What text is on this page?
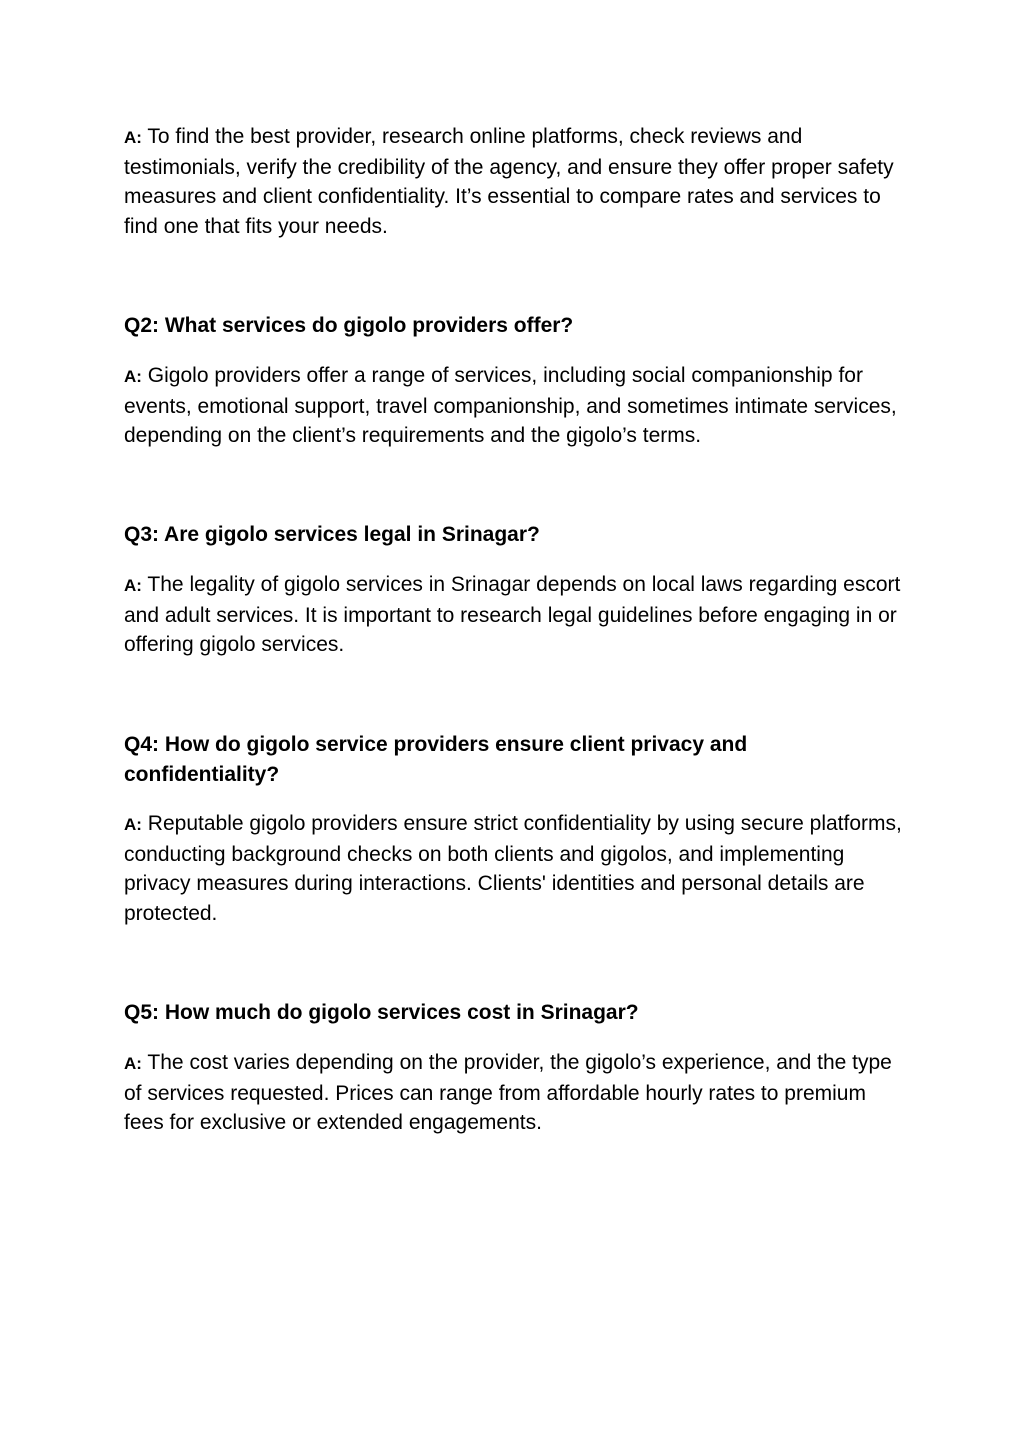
A: To find the best provider, research online platforms, check reviews and testimonials, verify the credibility of the agency, and ensure they offer proper safety measures and client confidentiality. It’s essential to compare rates and services to find one that fits your needs.

Q2: What services do gigolo providers offer?

A: Gigolo providers offer a range of services, including social companionship for events, emotional support, travel companionship, and sometimes intimate services, depending on the client’s requirements and the gigolo’s terms.

Q3: Are gigolo services legal in Srinagar?

A: The legality of gigolo services in Srinagar depends on local laws regarding escort and adult services. It is important to research legal guidelines before engaging in or offering gigolo services.

Q4: How do gigolo service providers ensure client privacy and confidentiality?

A: Reputable gigolo providers ensure strict confidentiality by using secure platforms, conducting background checks on both clients and gigolos, and implementing privacy measures during interactions. Clients' identities and personal details are protected.

Q5: How much do gigolo services cost in Srinagar?

A: The cost varies depending on the provider, the gigolo’s experience, and the type of services requested. Prices can range from affordable hourly rates to premium fees for exclusive or extended engagements.
